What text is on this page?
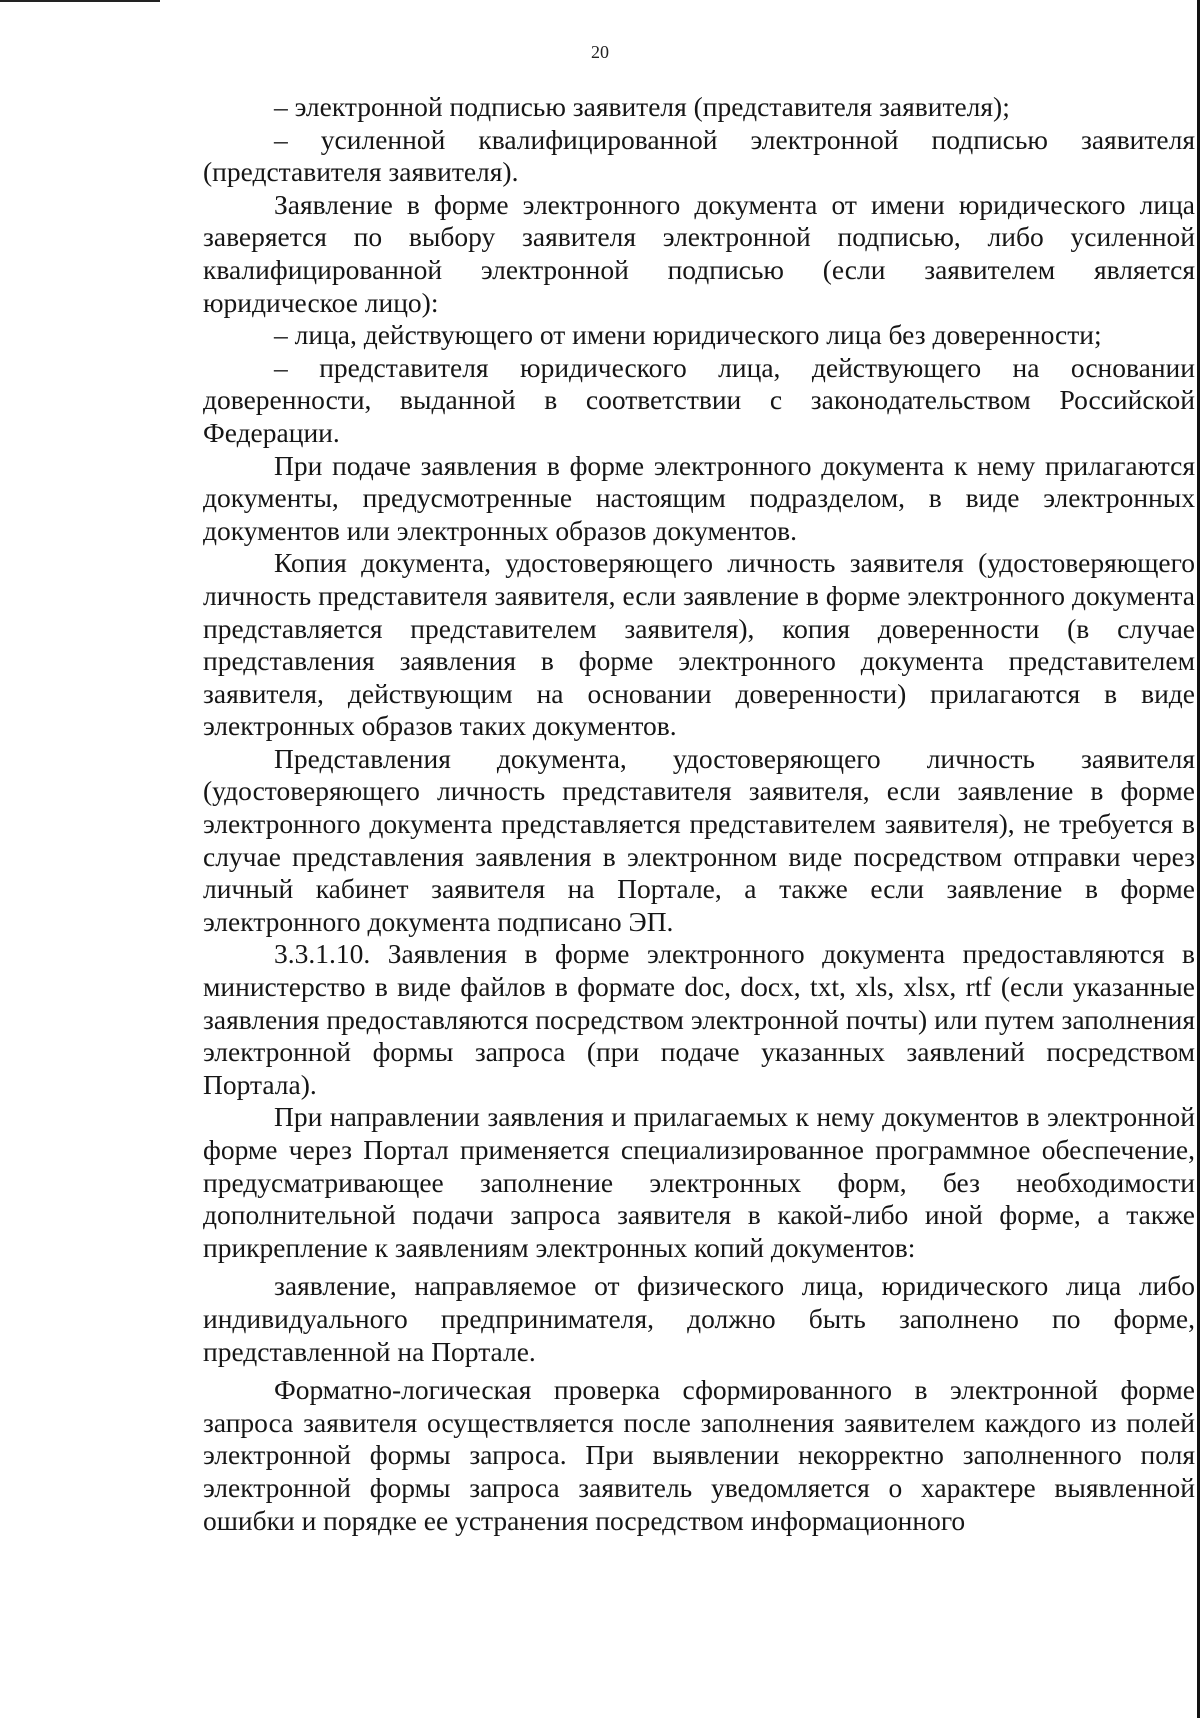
20

– электронной подписью заявителя (представителя заявителя);

– усиленной квалифицированной электронной подписью заявителя (представителя заявителя).

Заявление в форме электронного документа от имени юридического лица заверяется по выбору заявителя электронной подписью, либо усиленной квалифицированной электронной подписью (если заявителем является юридическое лицо):

– лица, действующего от имени юридического лица без доверенности;

– представителя юридического лица, действующего на основании доверенности, выданной в соответствии с законодательством Российской Федерации.

При подаче заявления в форме электронного документа к нему прилагаются документы, предусмотренные настоящим подразделом, в виде электронных документов или электронных образов документов.

Копия документа, удостоверяющего личность заявителя (удостоверяющего личность представителя заявителя, если заявление в форме электронного документа представляется представителем заявителя), копия доверенности (в случае представления заявления в форме электронного документа представителем заявителя, действующим на основании доверенности) прилагаются в виде электронных образов таких документов.

Представления документа, удостоверяющего личность заявителя (удостоверяющего личность представителя заявителя, если заявление в форме электронного документа представляется представителем заявителя), не требуется в случае представления заявления в электронном виде посредством отправки через личный кабинет заявителя на Портале, а также если заявление в форме электронного документа подписано ЭП.

3.3.1.10. Заявления в форме электронного документа предоставляются в министерство в виде файлов в формате doc, docx, txt, xls, xlsx, rtf (если указанные заявления предоставляются посредством электронной почты) или путем заполнения электронной формы запроса (при подаче указанных заявлений посредством Портала).

При направлении заявления и прилагаемых к нему документов в электронной форме через Портал применяется специализированное программное обеспечение, предусматривающее заполнение электронных форм, без необходимости дополнительной подачи запроса заявителя в какой-либо иной форме, а также прикрепление к заявлениям электронных копий документов:

заявление, направляемое от физического лица, юридического лица либо индивидуального предпринимателя, должно быть заполнено по форме, представленной на Портале.

Форматно-логическая проверка сформированного в электронной форме запроса заявителя осуществляется после заполнения заявителем каждого из полей электронной формы запроса. При выявлении некорректно заполненного поля электронной формы запроса заявитель уведомляется о характере выявленной ошибки и порядке ее устранения посредством информационного
